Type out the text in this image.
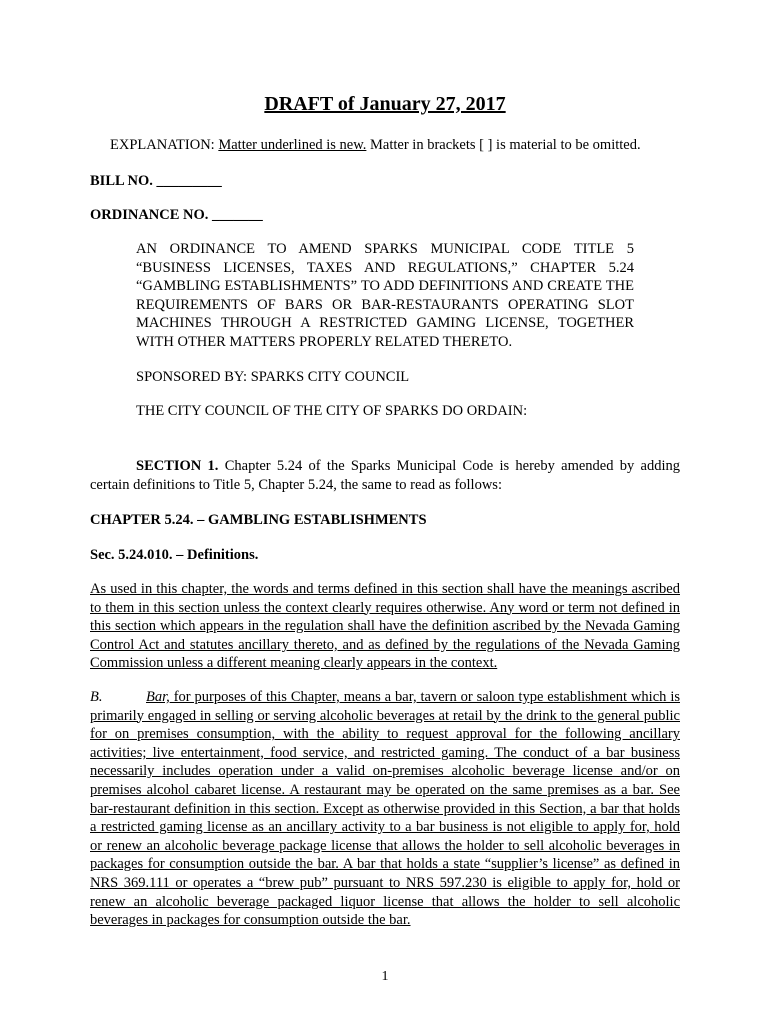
DRAFT of January 27, 2017
EXPLANATION: Matter underlined is new. Matter in brackets [ ] is material to be omitted.
BILL NO. _________
ORDINANCE NO. _______
AN ORDINANCE TO AMEND SPARKS MUNICIPAL CODE TITLE 5 “BUSINESS LICENSES, TAXES AND REGULATIONS,” CHAPTER 5.24 “GAMBLING ESTABLISHMENTS” TO ADD DEFINITIONS AND CREATE THE REQUIREMENTS OF BARS OR BAR-RESTAURANTS OPERATING SLOT MACHINES THROUGH A RESTRICTED GAMING LICENSE, TOGETHER WITH OTHER MATTERS PROPERLY RELATED THERETO.
SPONSORED BY: SPARKS CITY COUNCIL
THE CITY COUNCIL OF THE CITY OF SPARKS DO ORDAIN:
SECTION 1. Chapter 5.24 of the Sparks Municipal Code is hereby amended by adding certain definitions to Title 5, Chapter 5.24, the same to read as follows:
CHAPTER 5.24. – GAMBLING ESTABLISHMENTS
Sec. 5.24.010. – Definitions.
As used in this chapter, the words and terms defined in this section shall have the meanings ascribed to them in this section unless the context clearly requires otherwise. Any word or term not defined in this section which appears in the regulation shall have the definition ascribed by the Nevada Gaming Control Act and statutes ancillary thereto, and as defined by the regulations of the Nevada Gaming Commission unless a different meaning clearly appears in the context.
B.	Bar, for purposes of this Chapter, means a bar, tavern or saloon type establishment which is primarily engaged in selling or serving alcoholic beverages at retail by the drink to the general public for on premises consumption, with the ability to request approval for the following ancillary activities; live entertainment, food service, and restricted gaming. The conduct of a bar business necessarily includes operation under a valid on-premises alcoholic beverage license and/or on premises alcohol cabaret license. A restaurant may be operated on the same premises as a bar. See bar-restaurant definition in this section. Except as otherwise provided in this Section, a bar that holds a restricted gaming license as an ancillary activity to a bar business is not eligible to apply for, hold or renew an alcoholic beverage package license that allows the holder to sell alcoholic beverages in packages for consumption outside the bar. A bar that holds a state “supplier’s license” as defined in NRS 369.111 or operates a “brew pub” pursuant to NRS 597.230 is eligible to apply for, hold or renew an alcoholic beverage packaged liquor license that allows the holder to sell alcoholic beverages in packages for consumption outside the bar.
1
